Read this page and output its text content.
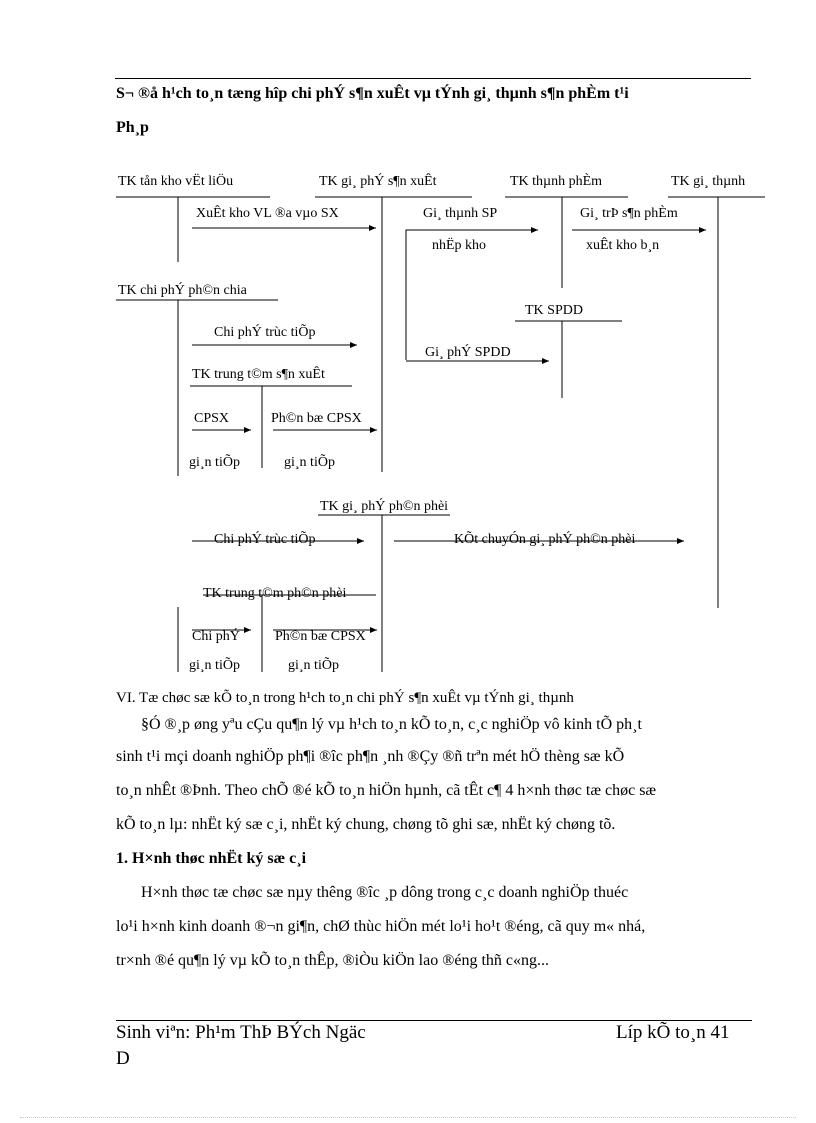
S¬ ®å h¹ch to¸n tæng hîp chi phÝ s¶n xuÊt vµ tÝnh gi¸ thµnh s¶n phÈm t¹i
Ph¸p
TK tån kho vËt liÖu	TK gi¸ phÝ s¶n xuÊt	TK thµnh phÈm	TK gi¸ thµnh
XuÊt kho VL ®a vµo SX	Gi¸ thµnh SP
nhËp kho
Gi¸ trÞ s¶n phÈm
xuÊt kho b¸n
TK chi phÝ ph©n chia
TK SPDD
Chi phÝ trùc tiÕp
Gi¸ phÝ SPDD
TK trung t©m s¶n xuÊt
CPSX	Ph©n bæ CPSX
gi¸n tiÕp	gi¸n tiÕp
TK gi¸ phÝ ph©n phèi
Chi phÝ trùc tiÕp	KÕt chuyÓn gi¸ phÝ ph©n phèi
TK trung t©m ph©n phèi
Chi phÝ	Ph©n bæ CPSX
gi¸n tiÕp	gi¸n tiÕp
VI. Tæ chøc sæ kÕ to¸n trong h¹ch to¸n chi phÝ s¶n xuÊt vµ tÝnh gi¸ thµnh
§Ó ®¸p øng yªu cÇu qu¶n lý vµ h¹ch to¸n kÕ to¸n, c¸c nghiÖp vô kinh tÕ ph¸t
sinh t¹i mçi doanh nghiÖp ph¶i ®îc ph¶n ¸nh ®Çy ®ñ trªn mét hÖ thèng sæ kÕ
to¸n nhÊt ®Þnh. Theo chÕ ®é kÕ to¸n hiÖn hµnh, cã tÊt c¶ 4 h×nh thøc tæ chøc sæ
kÕ to¸n lµ: nhËt ký sæ c¸i, nhËt ký chung, chøng tõ ghi sæ, nhËt ký chøng tõ.
1. H×nh thøc nhËt ký sæ c¸i
H×nh thøc tæ chøc sæ nµy thêng ®îc ¸p dông trong c¸c doanh nghiÖp thuéc
lo¹i h×nh kinh doanh ®¬n gi¶n, chØ thùc hiÖn mét lo¹i ho¹t ®éng, cã quy m« nhá,
tr×nh ®é qu¶n lý vµ kÕ to¸n thÊp, ®iÒu kiÖn lao ®éng thñ c«ng...
Sinh viªn: Ph¹m ThÞ BÝch Ngäc	Líp kÕ to¸n 41
D
